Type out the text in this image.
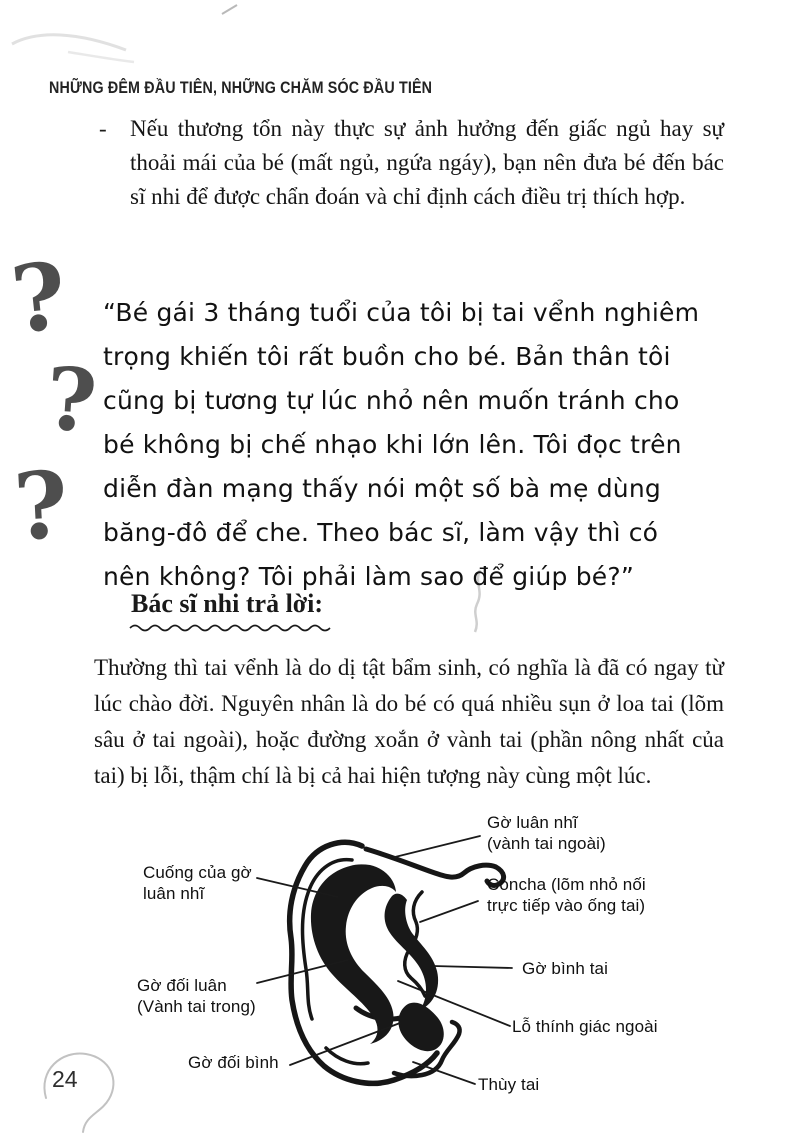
NHỮNG ĐÊM ĐẦU TIÊN, NHỮNG CHĂM SÓC ĐẦU TIÊN
- Nếu thương tổn này thực sự ảnh hưởng đến giấc ngủ hay sự thoải mái của bé (mất ngủ, ngứa ngáy), bạn nên đưa bé đến bác sĩ nhi để được chẩn đoán và chỉ định cách điều trị thích hợp.

?
?
?

“Bé gái 3 tháng tuổi của tôi bị tai vểnh nghiêm trọng khiến tôi rất buồn cho bé. Bản thân tôi cũng bị tương tự lúc nhỏ nên muốn tránh cho bé không bị chế nhạo khi lớn lên. Tôi đọc trên diễn đàn mạng thấy nói một số bà mẹ dùng băng-đô để che. Theo bác sĩ, làm vậy thì có nên không? Tôi phải làm sao để giúp bé?”

Bác sĩ nhi trả lời:

Thường thì tai vểnh là do dị tật bẩm sinh, có nghĩa là đã có ngay từ lúc chào đời. Nguyên nhân là do bé có quá nhiều sụn ở loa tai (lõm sâu ở tai ngoài), hoặc đường xoắn ở vành tai (phần nông nhất của tai) bị lỗi, thậm chí là bị cả hai hiện tượng này cùng một lúc.

Gờ luân nhĩ
(vành tai ngoài)
Cuống của gờ
luân nhĩ	Concha (lõm nhỏ nối
trực tiếp vào ống tai)
Gờ bình tai
Gờ đối luân
(Vành tai trong)
Lỗ thính giác ngoài
Gờ đối bình
Thùy tai
24
